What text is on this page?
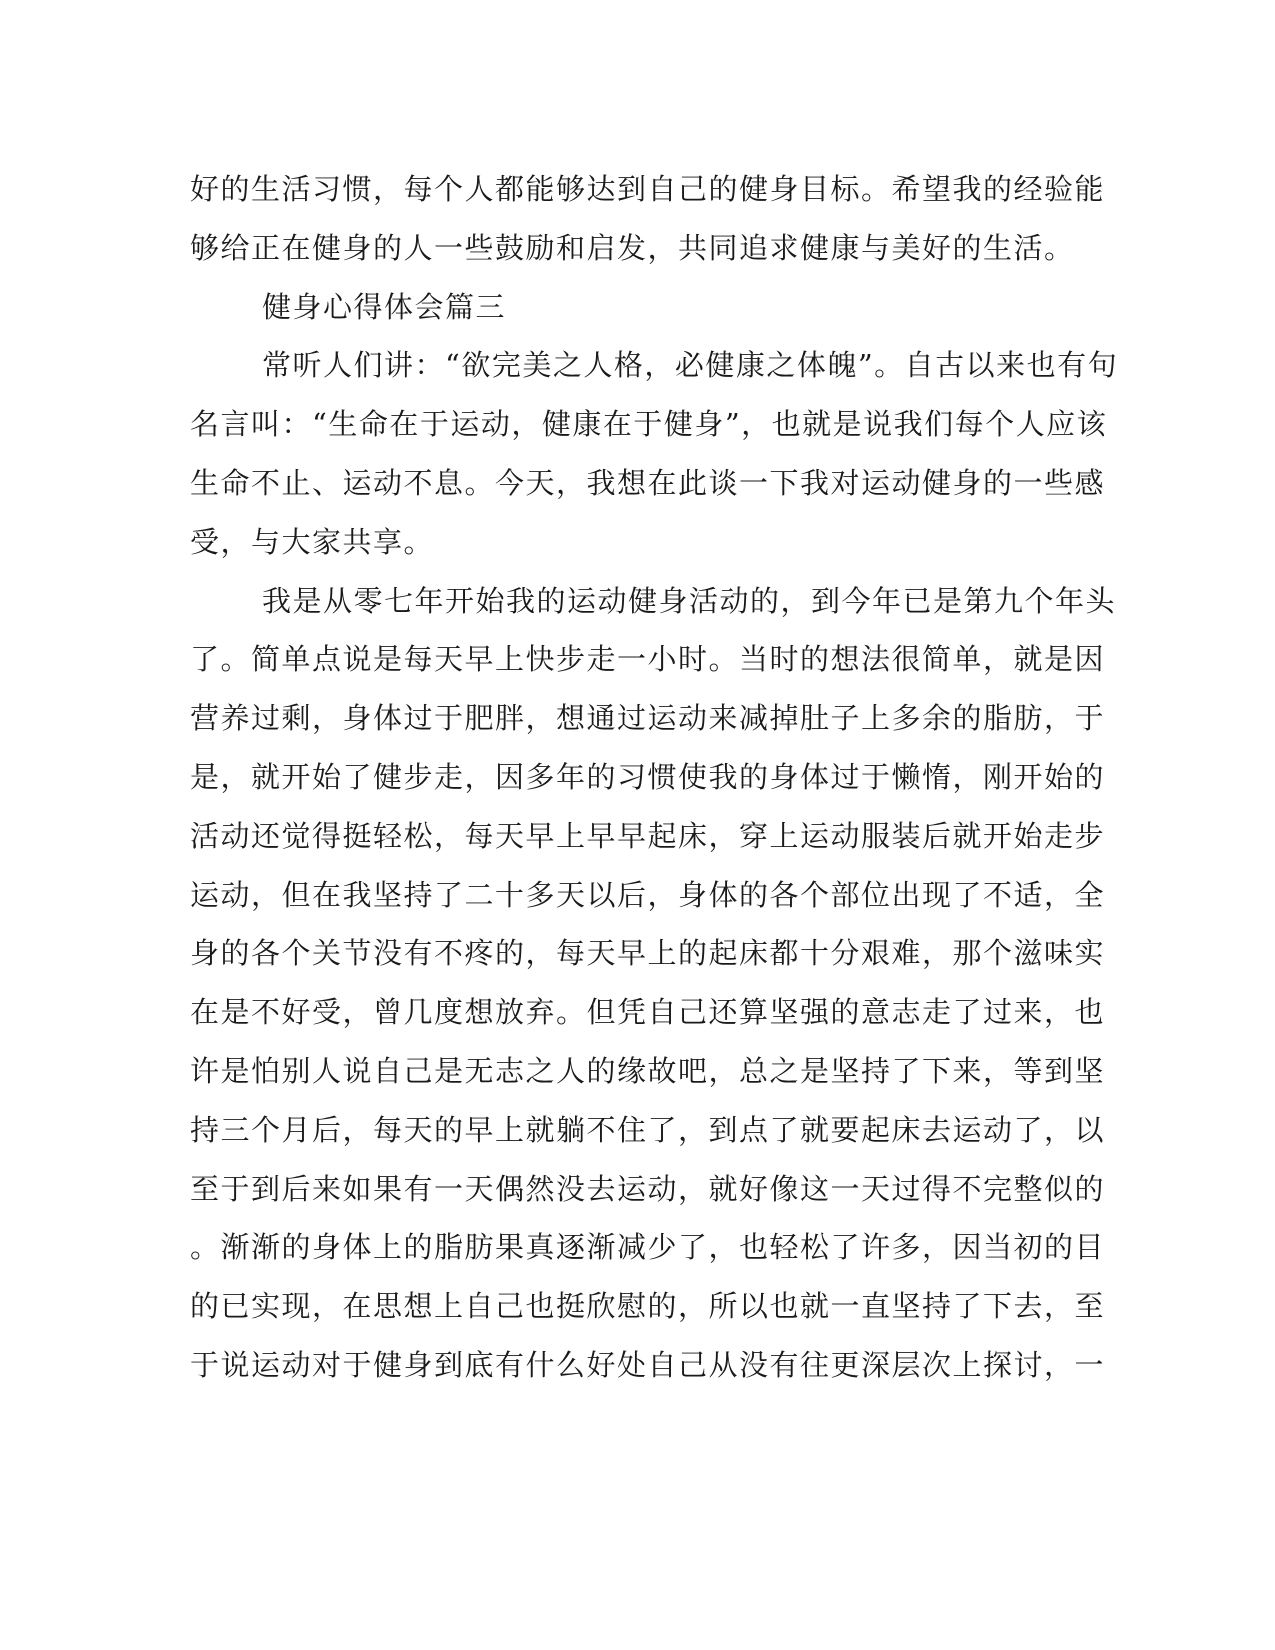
好的生活习惯，每个人都能够达到自己的健身目标。希望我的经验能
够给正在健身的人一些鼓励和启发，共同追求健康与美好的生活。
健身心得体会篇三
常听人们讲：“欲完美之人格，必健康之体魄”。自古以来也有句
名言叫：“生命在于运动，健康在于健身”，也就是说我们每个人应该
生命不止、运动不息。今天，我想在此谈一下我对运动健身的一些感
受，与大家共享。
我是从零七年开始我的运动健身活动的，到今年已是第九个年头
了。简单点说是每天早上快步走一小时。当时的想法很简单，就是因
营养过剩，身体过于肥胖，想通过运动来减掉肚子上多余的脂肪，于
是，就开始了健步走，因多年的习惯使我的身体过于懒惰，刚开始的
活动还觉得挺轻松，每天早上早早起床，穿上运动服装后就开始走步
运动，但在我坚持了二十多天以后，身体的各个部位出现了不适，全
身的各个关节没有不疼的，每天早上的起床都十分艰难，那个滋味实
在是不好受，曾几度想放弃。但凭自己还算坚强的意志走了过来，也
许是怕别人说自己是无志之人的缘故吧，总之是坚持了下来，等到坚
持三个月后，每天的早上就躺不住了，到点了就要起床去运动了，以
至于到后来如果有一天偶然没去运动，就好像这一天过得不完整似的
。渐渐的身体上的脂肪果真逐渐减少了，也轻松了许多，因当初的目
的已实现，在思想上自己也挺欣慰的，所以也就一直坚持了下去，至
于说运动对于健身到底有什么好处自己从没有往更深层次上探讨，一
